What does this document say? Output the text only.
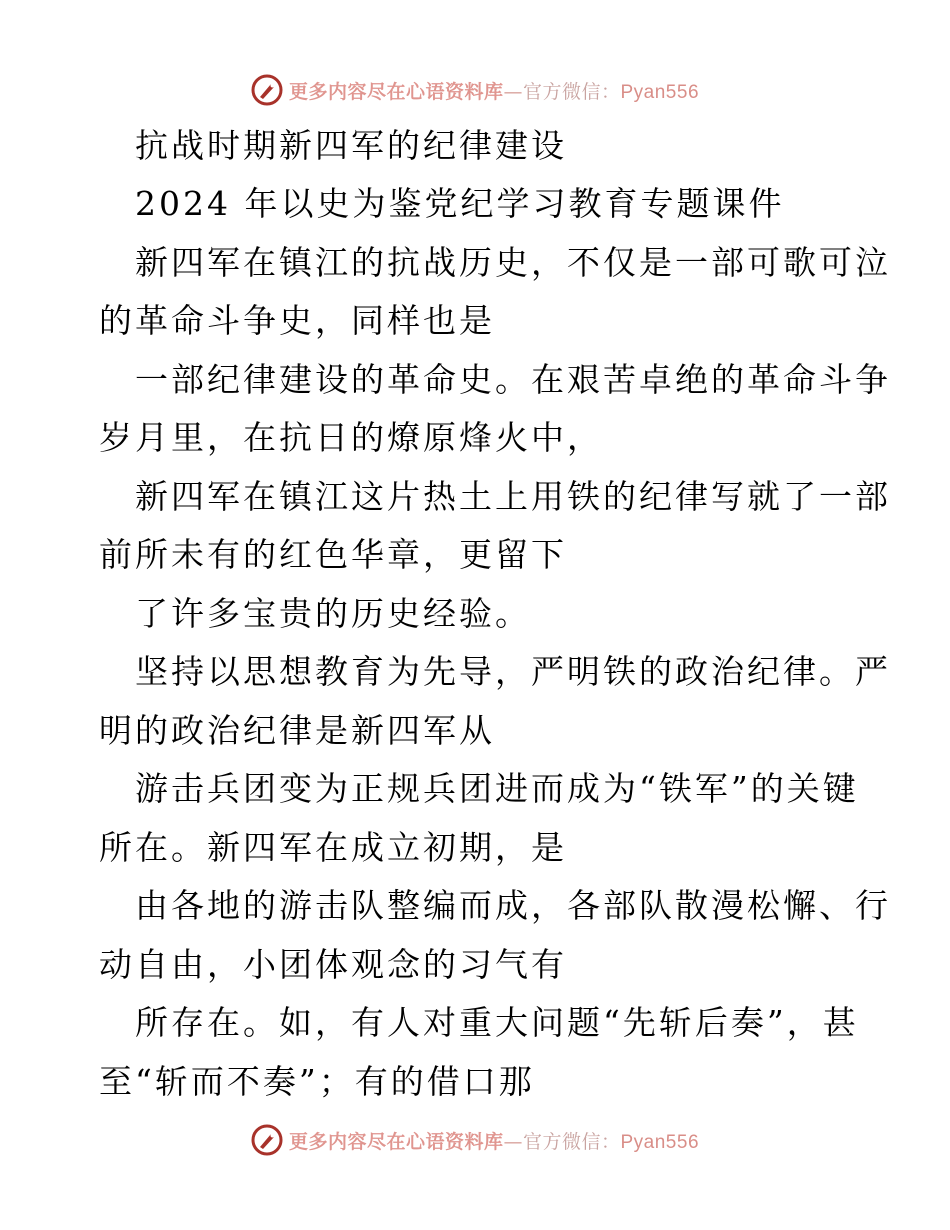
更多内容尽在心语资料库—官方微信：Pyan556
抗战时期新四军的纪律建设
2024 年以史为鉴党纪学习教育专题课件
新四军在镇江的抗战历史，不仅是一部可歌可泣
的革命斗争史，同样也是
一部纪律建设的革命史。在艰苦卓绝的革命斗争
岁月里，在抗日的燎原烽火中，
新四军在镇江这片热土上用铁的纪律写就了一部
前所未有的红色华章，更留下
了许多宝贵的历史经验。
坚持以思想教育为先导，严明铁的政治纪律。严
明的政治纪律是新四军从
游击兵团变为正规兵团进而成为“铁军”的关键
所在。新四军在成立初期，是
由各地的游击队整编而成，各部队散漫松懈、行
动自由，小团体观念的习气有
所存在。如，有人对重大问题“先斩后奏”，甚
至“斩而不奏”；有的借口那
更多内容尽在心语资料库—官方微信：Pyan556
